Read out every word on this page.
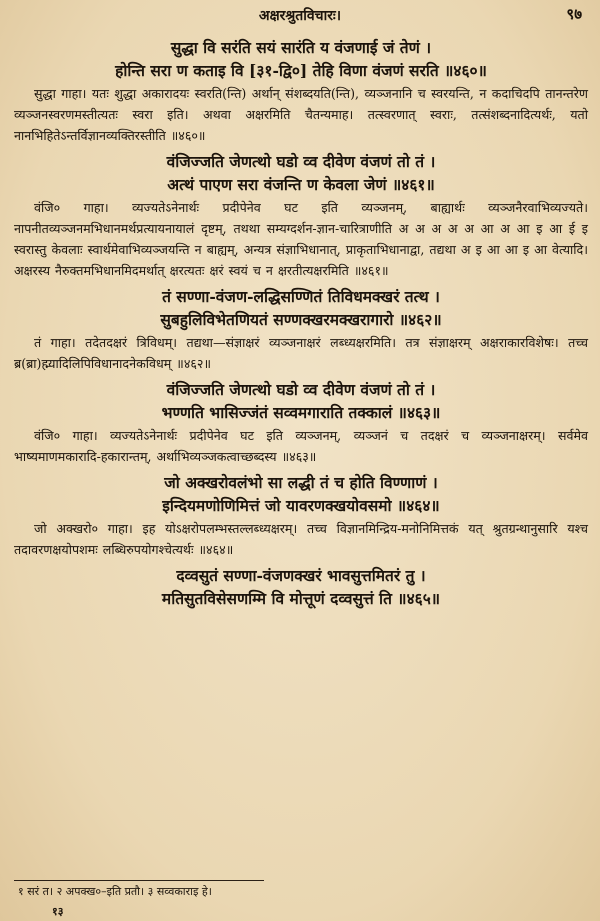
अक्षरश्रुतविचारः।	९७

सुद्धा वि सरंति सयं सारंति य वंजणाई जं तेणं ।

होन्ति सरा ण कताइ वि [३१-द्वि०] तेहि विणा वंजणं सरति ॥४६०॥

सुद्धा गाहा। यतः शुद्धा अकारादयः स्वरति(न्ति) अर्थान् संशब्दयति(न्ति), व्यञ्जनानि च स्वरयन्ति, न कदाचिदपि तानन्तरेण व्यञ्जनस्वरणमस्तीत्यतः स्वरा इति। अथवा अक्षरमिति चैतन्यमाह। तत्स्वरणात् स्वराः, तत्संशब्दनादित्यर्थः, यतो नानभिहितेऽन्तर्विज्ञानव्यक्तिरस्तीति ॥४६०॥

वंजिज्जति जेणत्थो घडो व्व दीवेण वंजणं तो तं ।

अत्थं पाएण सरा वंजन्ति ण केवला जेणं ॥४६१॥

वंजि० गाहा। व्यज्यतेऽनेनार्थः प्रदीपेनेव घट इति व्यञ्जनम्, बाह्यार्थः व्यञ्जनैरवाभिव्यज्यते। नापनीतव्यञ्जनमभिधानमर्थप्रत्यायनायालं दृष्टम्, तथथा सम्यग्दर्शन-ज्ञान-चारित्राणीति अ अ अ अ अ आ अ आ इ आ ई इ स्वरास्तु केवलाः स्वार्थमेवाभिव्यञ्जयन्ति न बाह्यम्, अन्यत्र संज्ञाभिधानात्, प्राकृताभिधानाद्वा, तद्यथा अ इ आ आ इ आ वेत्यादि। अक्षरस्य नैरुक्तमभिधानमिदमर्थात् क्षरत्यतः क्षरं स्वयं च न क्षरतीत्यक्षरमिति ॥४६१॥

तं सण्णा-वंजण-लद्धिसण्णितं तिविधमक्खरं तत्थ ।

सुबहुलिविभेतणियतं सण्णक्खरमक्खरागारो ॥४६२॥

तं गाहा। तदेतदक्षरं त्रिविधम्। तद्यथा—संज्ञाक्षरं व्यञ्जनाक्षरं लब्ध्यक्षरमिति। तत्र संज्ञाक्षरम् अक्षराकारविशेषः। तच्च ब्र(ब्रा)ह्म्यादिलिपिविधानादनेकविधम् ॥४६२॥

वंजिज्जति जेणत्थो घडो व्व दीवेण वंजणं तो तं ।

भण्णति भासिज्जंतं सव्वमगाराति तक्कालं ॥४६३॥

वंजि० गाहा। व्यज्यतेऽनेनार्थः प्रदीपेनेव घट इति व्यञ्जनम्, व्यञ्जनं च तदक्षरं च व्यञ्जनाक्षरम्। सर्वमेव भाष्यमाणमकारादि-हकारान्तम्, अर्थाभिव्यञ्जकत्वाच्छब्दस्य ॥४६३॥

जो अक्खरोवलंभो सा लद्धी तं च होति विण्णाणं ।

इन्दियमणोणिमित्तं जो यावरणक्खयोवसमो ॥४६४॥

जो अक्खरो० गाहा। इह योऽक्षरोपलम्भस्तल्लब्ध्यक्षरम्। तच्च विज्ञानमिन्द्रिय-मनोनिमित्तकं यत् श्रुतग्रन्थानुसारि यश्च तदावरणक्षयोपशमः लब्धिरुपयोगश्चेत्यर्थः ॥४६४॥

दव्वसुतं सण्णा-वंजणक्खरं भावसुत्तमितरं तु ।

मतिसुतविसेसणम्मि वि मोत्तूणं दव्वसुत्तं ति ॥४६५॥

१ सरं त। २ अपक्ख०–इति प्रतौ। ३ सव्वकाराइ हे।
१३
